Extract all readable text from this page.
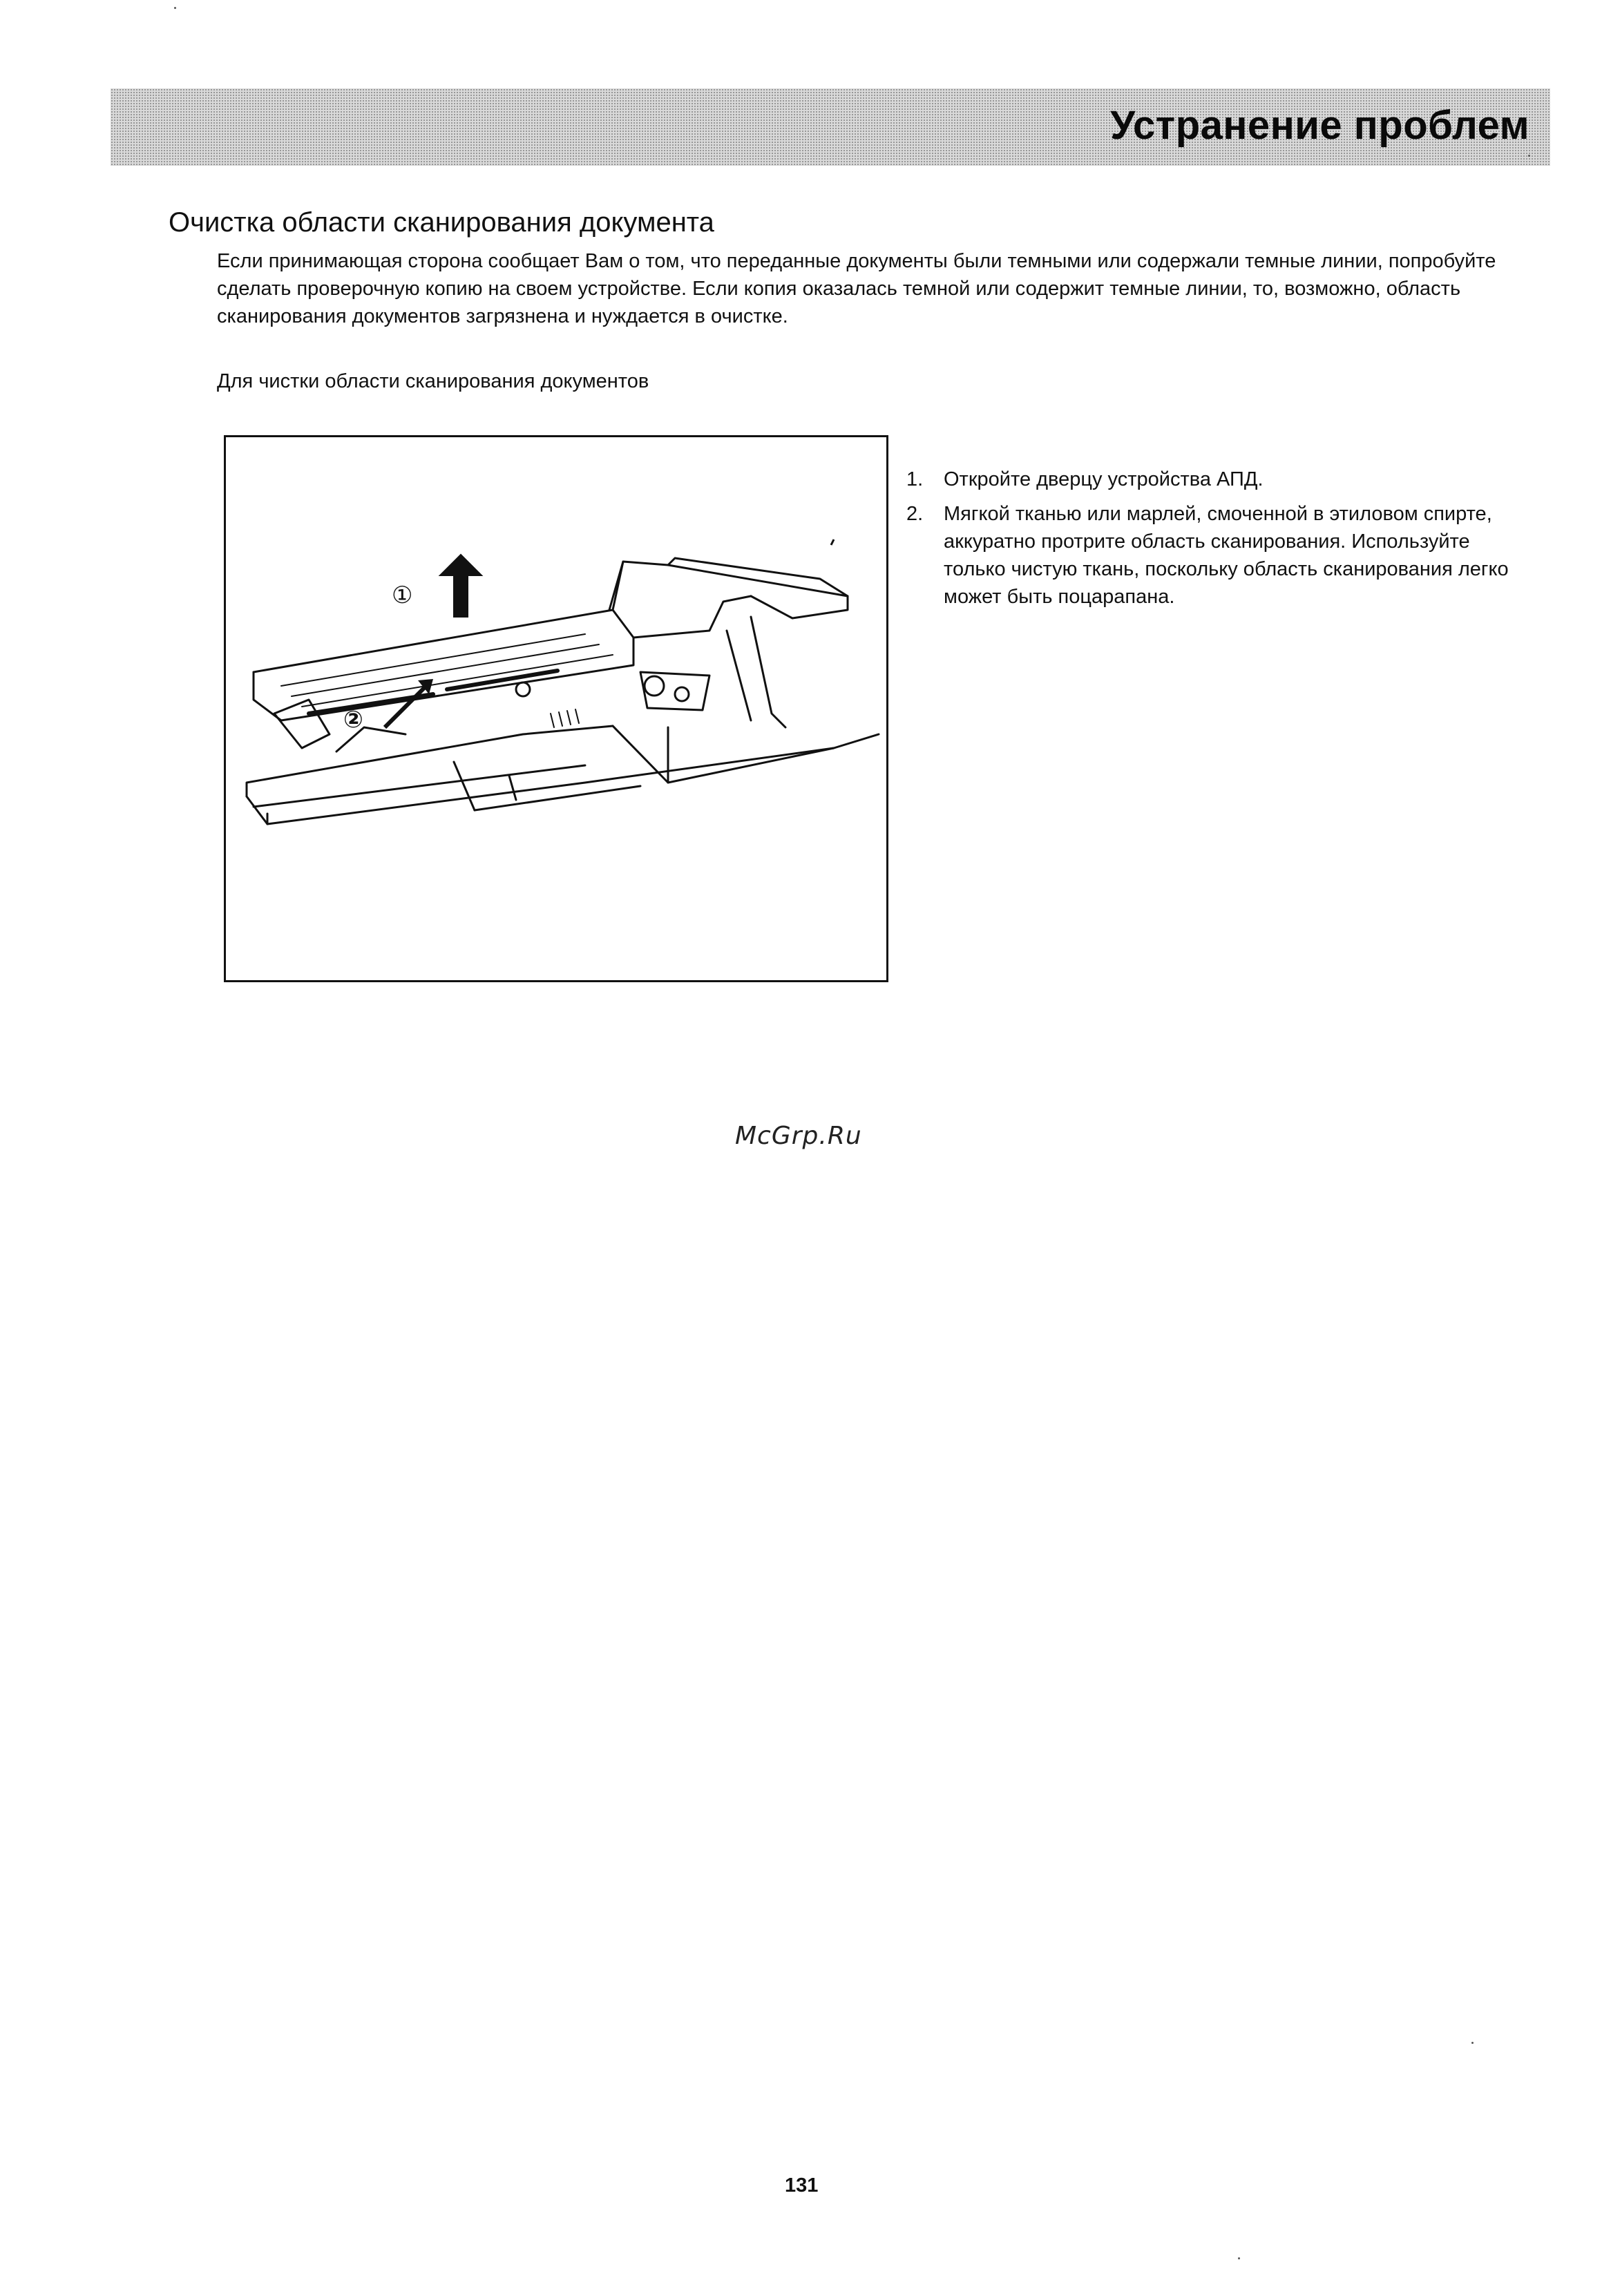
Устранение проблем
Очистка области сканирования документа

Если принимающая сторона сообщает Вам о том, что переданные документы были темными или содержали темные линии, попробуйте сделать проверочную копию на своем устройстве. Если копия оказалась темной или содержит темные линии, то, возможно, область сканирования документов загрязнена и нуждается в очистке.

Для чистки области сканирования документов

①
②
1.	Откройте дверцу устройства АПД.
2.	Мягкой тканью или марлей, смоченной в этиловом спирте, аккуратно протрите область сканирования. Используйте только чистую ткань, поскольку область сканирования легко может быть поцарапана.
McGrp.Ru
131
